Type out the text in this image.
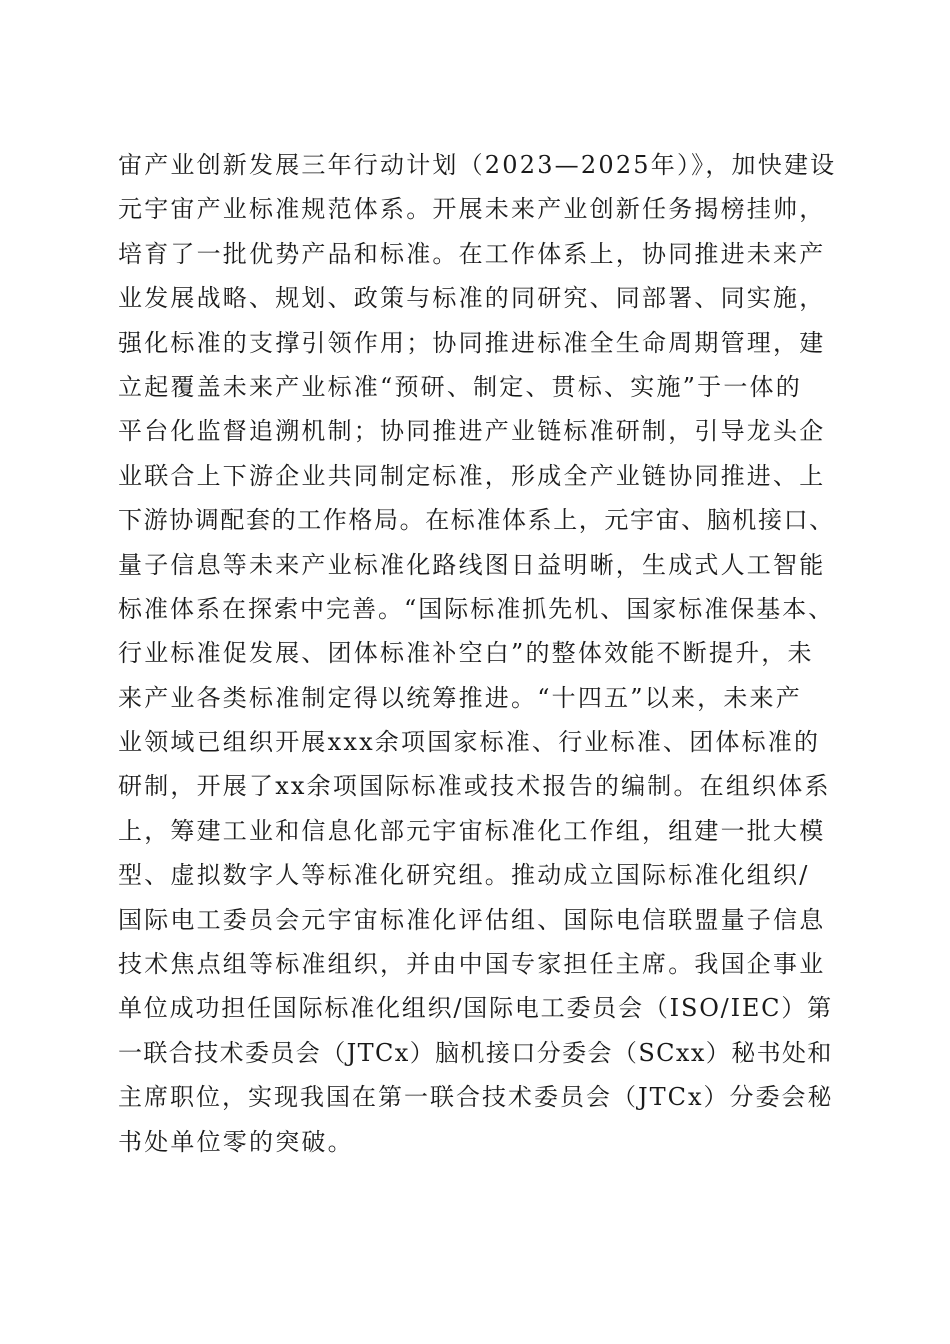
宙产业创新发展三年行动计划（2023—2025年）》，加快建设
元宇宙产业标准规范体系。开展未来产业创新任务揭榜挂帅，
培育了一批优势产品和标准。在工作体系上，协同推进未来产
业发展战略、规划、政策与标准的同研究、同部署、同实施，
强化标准的支撑引领作用；协同推进标准全生命周期管理，建
立起覆盖未来产业标准“预研、制定、贯标、实施”于一体的
平台化监督追溯机制；协同推进产业链标准研制，引导龙头企
业联合上下游企业共同制定标准，形成全产业链协同推进、上
下游协调配套的工作格局。在标准体系上，元宇宙、脑机接口、
量子信息等未来产业标准化路线图日益明晰，生成式人工智能
标准体系在探索中完善。“国际标准抓先机、国家标准保基本、
行业标准促发展、团体标准补空白”的整体效能不断提升，未
来产业各类标准制定得以统筹推进。“十四五”以来，未来产
业领域已组织开展xxx余项国家标准、行业标准、团体标准的
研制，开展了xx余项国际标准或技术报告的编制。在组织体系
上，筹建工业和信息化部元宇宙标准化工作组，组建一批大模
型、虚拟数字人等标准化研究组。推动成立国际标准化组织/
国际电工委员会元宇宙标准化评估组、国际电信联盟量子信息
技术焦点组等标准组织，并由中国专家担任主席。我国企事业
单位成功担任国际标准化组织/国际电工委员会（ISO/IEC）第
一联合技术委员会（JTCx）脑机接口分委会（SCxx）秘书处和
主席职位，实现我国在第一联合技术委员会（JTCx）分委会秘
书处单位零的突破。
